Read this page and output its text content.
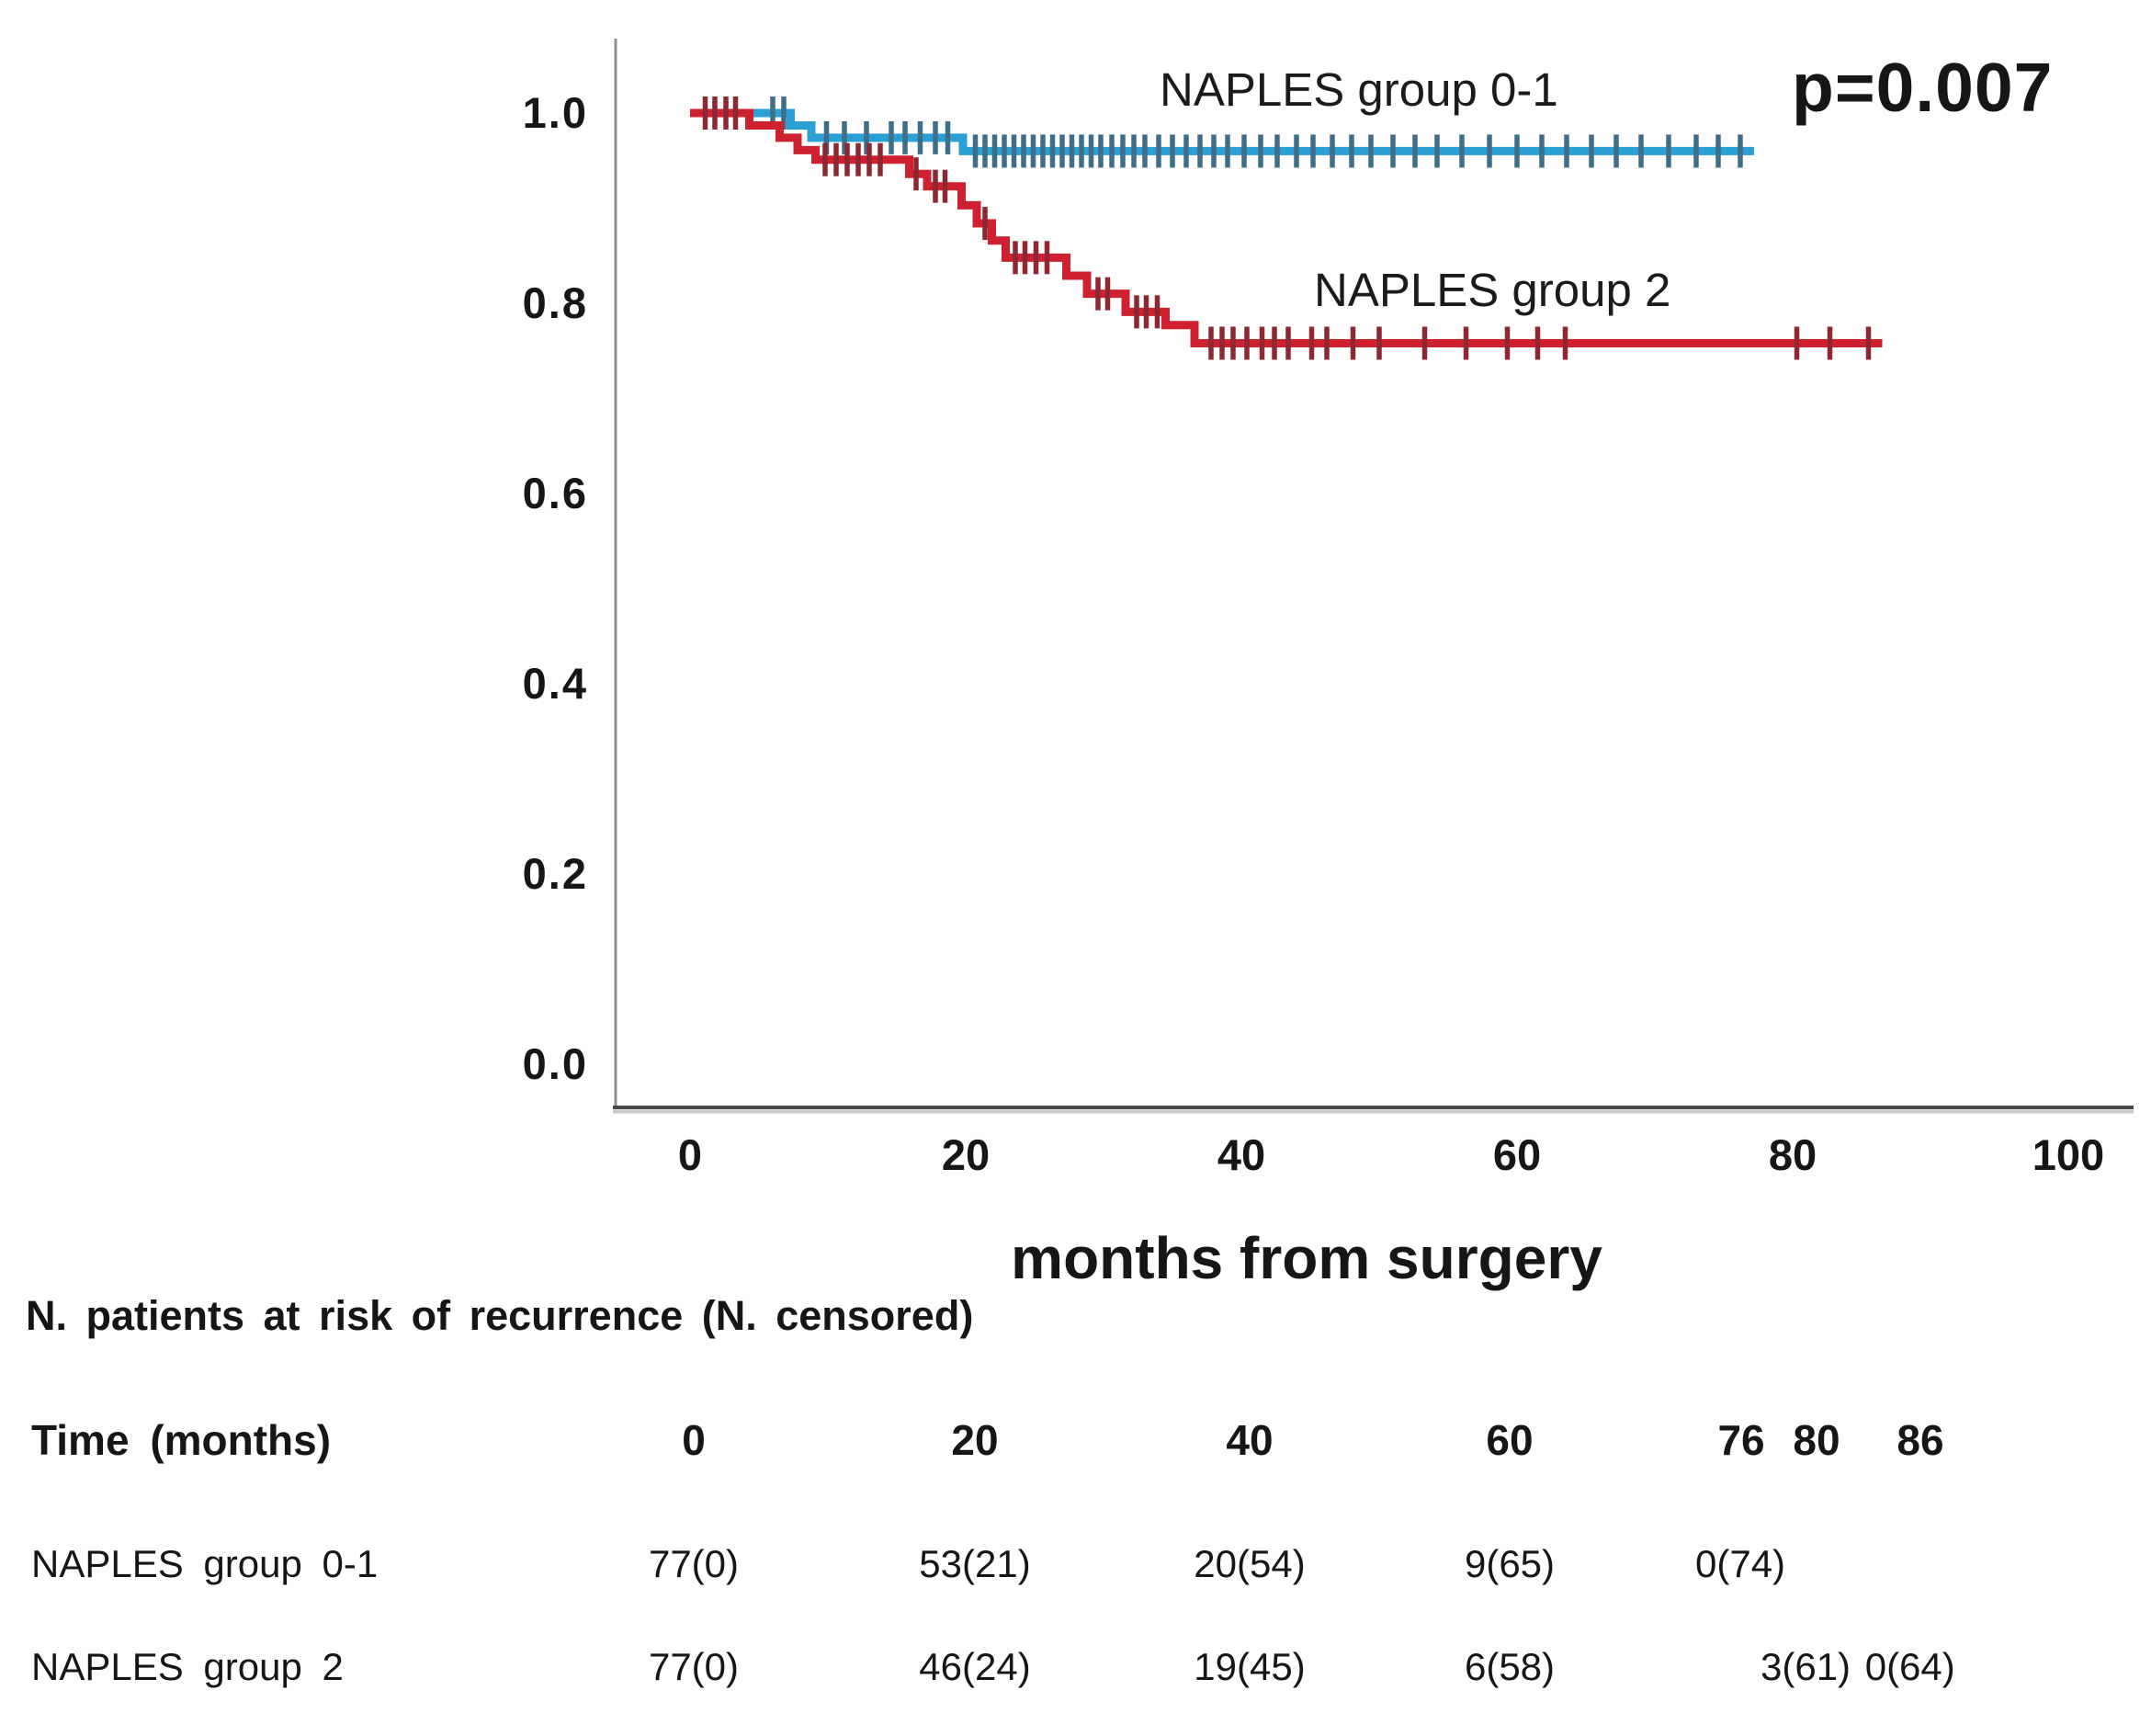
1.0
0.8
0.6
0.4
0.2
0.0
0	20	40	60	80	100
NAPLES group 0-1
NAPLES group 2
p=0.007
months from surgery
N. patients at risk of recurrence (N. censored)
Time (months)	0	20	40	60	76 80	86
NAPLES group 0-1	77(0)	53(21)	20(54)	9(65)	0(74)
NAPLES group 2	77(0)	46(24)	19(45)	6(58)	3(61) 0(64)
